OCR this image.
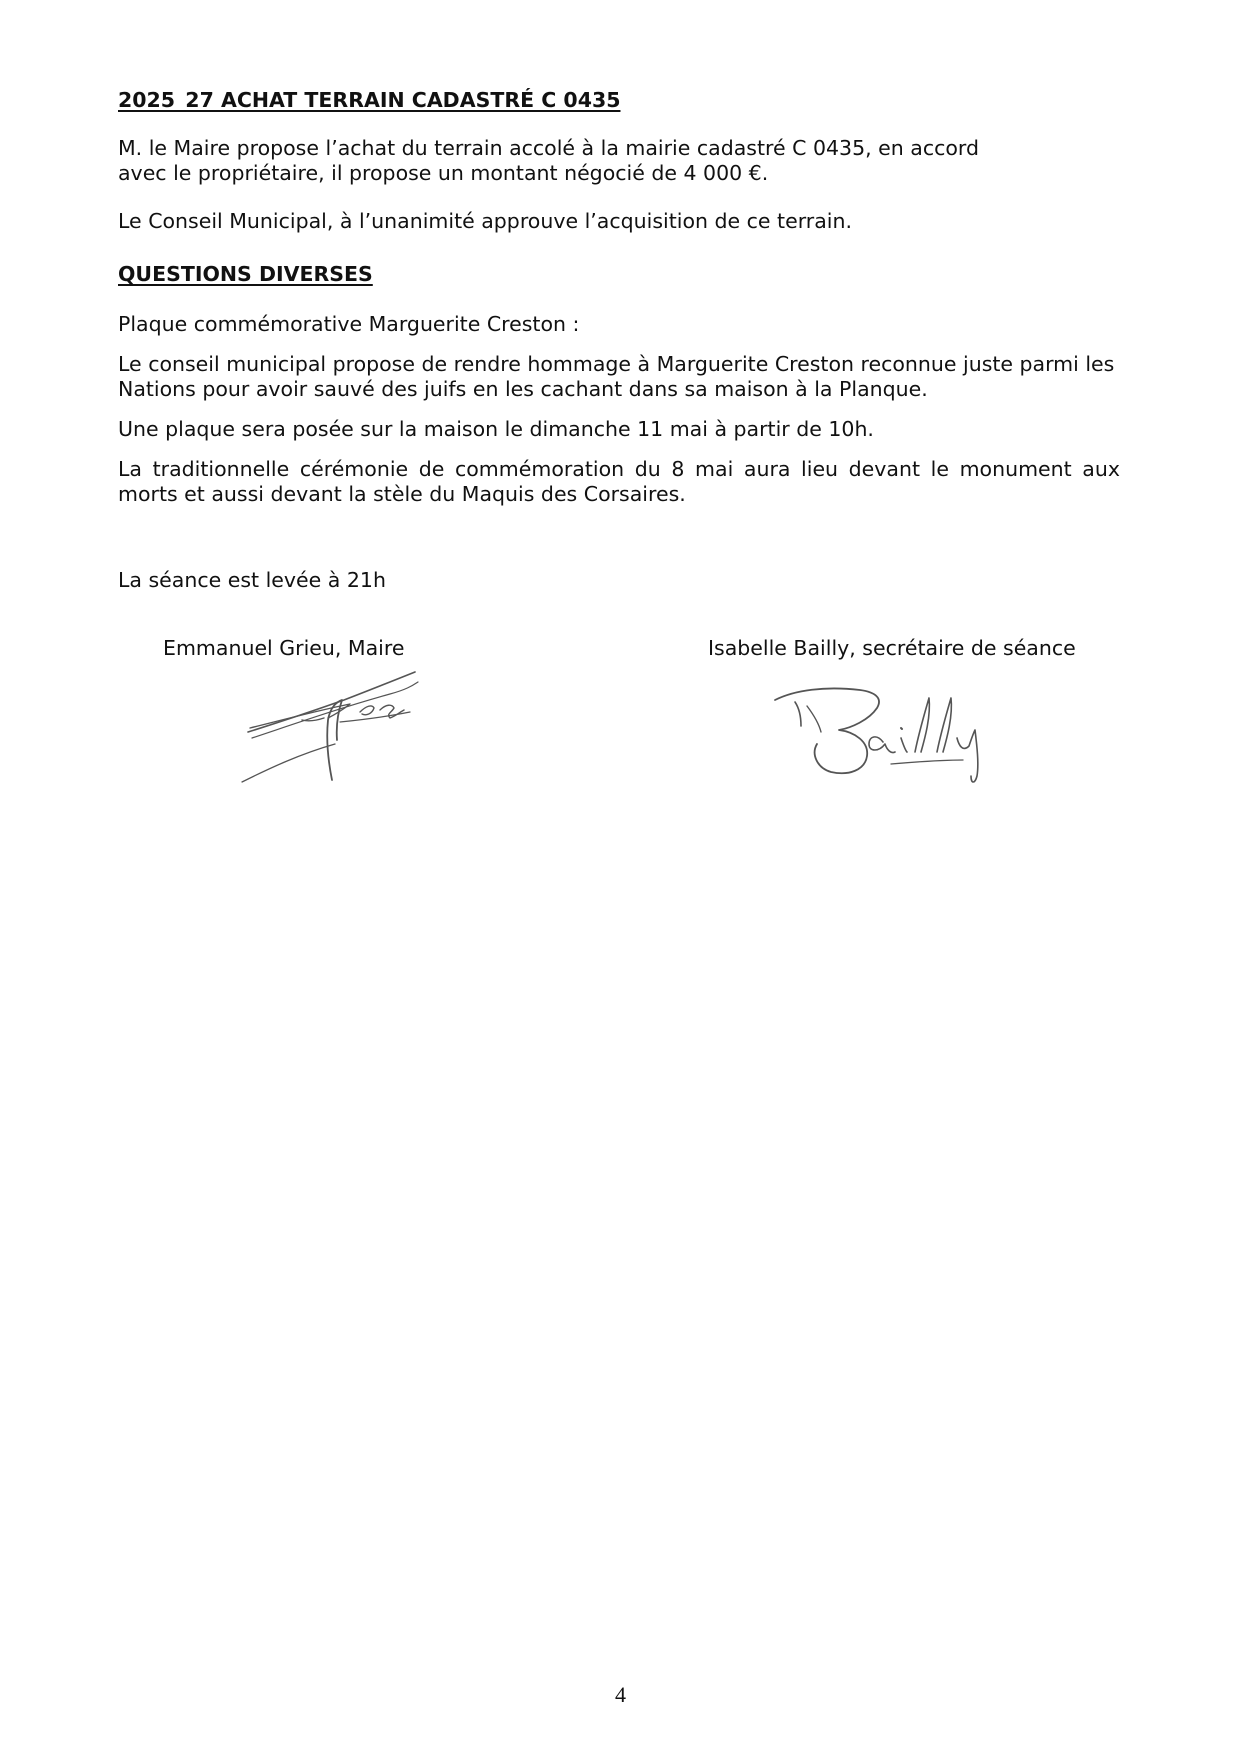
2025_27 ACHAT TERRAIN CADASTRÉ C 0435

M. le Maire propose l’achat du terrain accolé à la mairie cadastré C 0435, en accord avec le propriétaire, il propose un montant négocié de 4 000 €.

Le Conseil Municipal, à l’unanimité approuve l’acquisition de ce terrain.

QUESTIONS DIVERSES

Plaque commémorative Marguerite Creston :

Le conseil municipal propose de rendre hommage à Marguerite Creston reconnue juste parmi les Nations pour avoir sauvé des juifs en les cachant dans sa maison à la Planque.

Une plaque sera posée sur la maison le dimanche 11 mai à partir de 10h.

La traditionnelle cérémonie de commémoration du 8 mai aura lieu devant le monument aux morts et aussi devant la stèle du Maquis des Corsaires.

La séance est levée à 21h
Emmanuel Grieu, Maire	Isabelle Bailly, secrétaire de séance
4
